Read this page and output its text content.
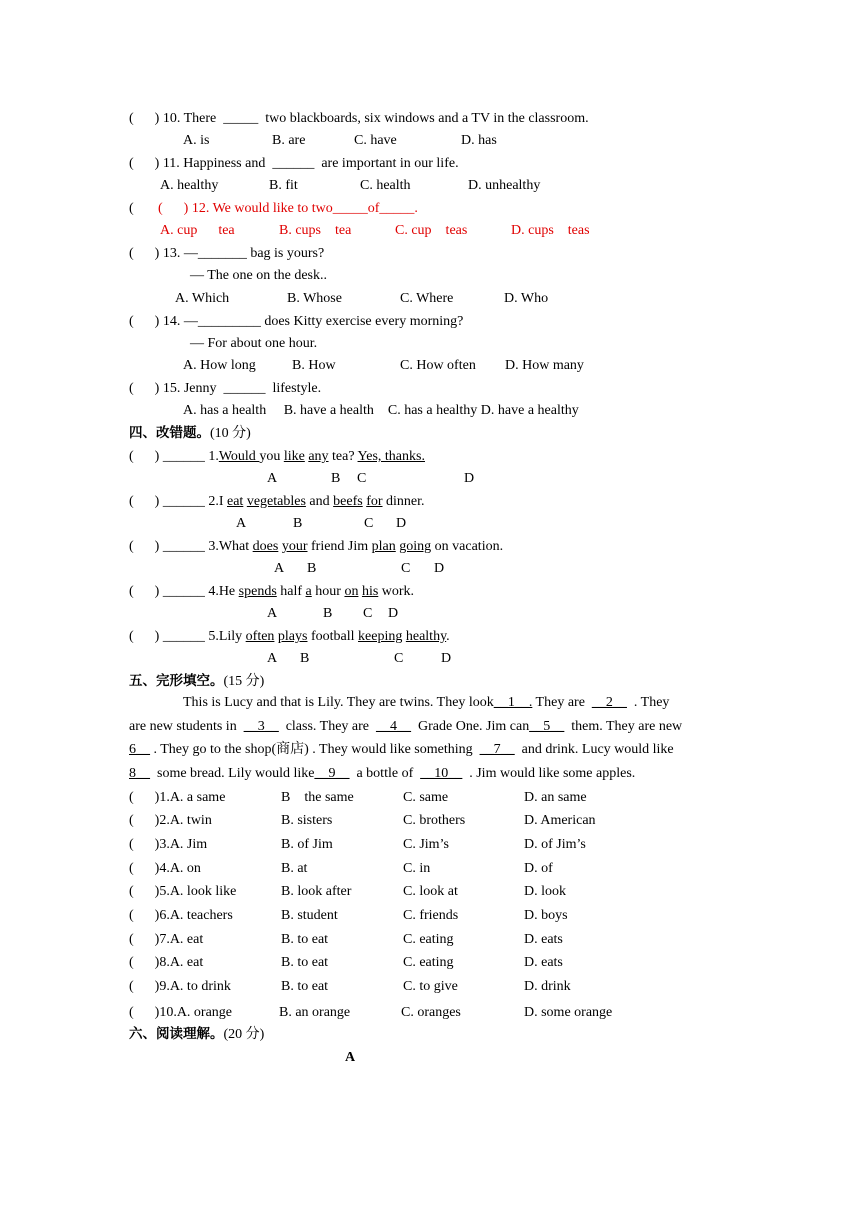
(      ) 10. There  _____  two blackboards, six windows and a TV in the classroom.
A. is	B. are	C. have	D. has
(      ) 11. Happiness and  ______  are important in our life.
A. healthy	B. fit	C. health	D. unhealthy
( (      ) 12. We would like to two_____of_____.
A. cup      tea	B. cups    tea	C. cup    teas	D. cups    teas
(      ) 13. —_______ bag is yours?
— The one on the desk..
A. Which	B. Whose	C. Where	D. Who
(      ) 14. —_________ does Kitty exercise every morning?
— For about one hour.
A. How long	B. How	C. How often D. How many
(      ) 15. Jenny  ______  lifestyle.
A. has a health     B. have a health    C. has a healthy D. have a healthy
四、改错题。(10 分)
(      ) ______ 1.Would you like any tea? Yes, thanks.
A	B C	D
(      ) ______ 2.I eat vegetables and beefs for dinner.
A	B	C D
(      ) ______ 3.What does your friend Jim plan going on vacation.
A B	C D
(      ) ______ 4.He spends half a hour on his work.
A	B C D
(      ) ______ 5.Lily often plays football keeping healthy.
A B	C	D
五、完形填空。(15 分)
This is Lucy and that is Lily. They are twins. They look__1__. They are  __2__  . They
are new students in  __3__  class. They are  __4__  Grade One. Jim can__5__  them. They are new
6__ . They go to the shop(商店) . They would like something  __7__  and drink. Lucy would like
8__  some bread. Lily would like__9__  a bottle of  __10__  . Jim would like some apples.
(      )1.A. a same	B    the same	C. same	D. an same
(      )2.A. twin	B. sisters	C. brothers	D. American
(      )3.A. Jim	B. of Jim	C. Jim’s	D. of Jim’s
(      )4.A. on	B. at	C. in	D. of
(      )5.A. look like	B. look after	C. look at	D. look
(      )6.A. teachers	B. student	C. friends	D. boys
(      )7.A. eat	B. to eat	C. eating	D. eats
(      )8.A. eat	B. to eat	C. eating	D. eats
(      )9.A. to drink	B. to eat	C. to give	D. drink
(      )10.A. orange	B. an orange	C. oranges	D. some orange
六、阅读理解。(20 分)
A
